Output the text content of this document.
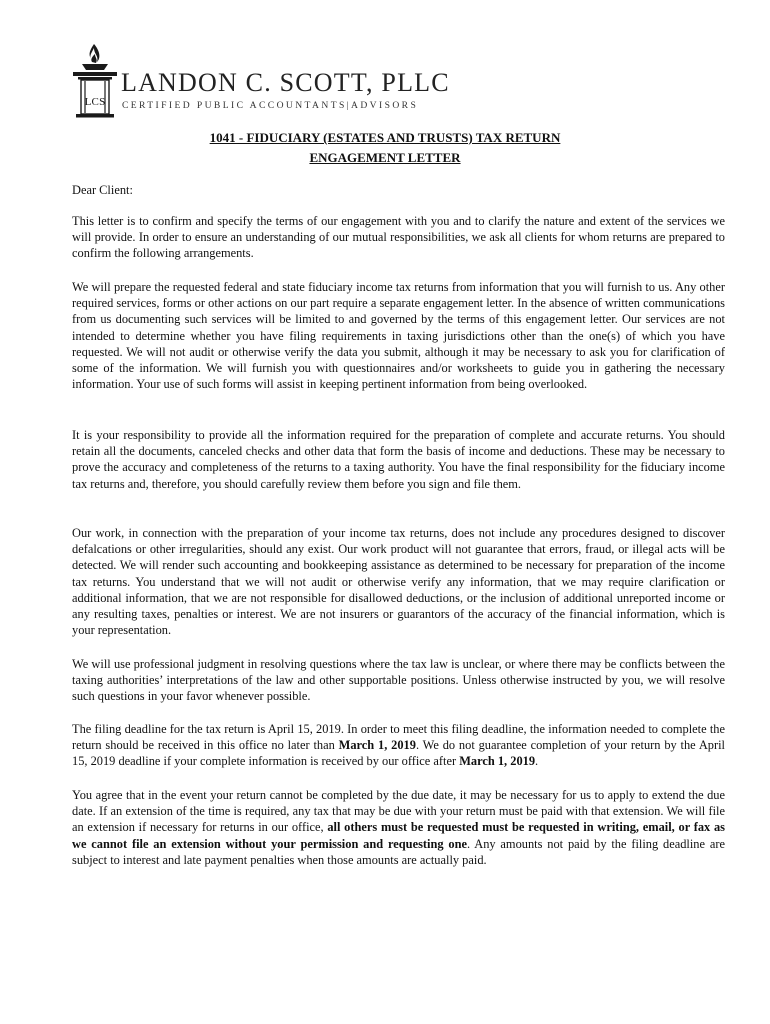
LCS
LANDON C. SCOTT, PLLC
CERTIFIED PUBLIC ACCOUNTANTS|ADVISORS
1041 - FIDUCIARY (ESTATES AND TRUSTS) TAX RETURN
ENGAGEMENT LETTER
Dear Client:
This letter is to confirm and specify the terms of our engagement with you and to clarify the nature and extent of the services we will provide. In order to ensure an understanding of our mutual responsibilities, we ask all clients for whom returns are prepared to confirm the following arrangements.
We will prepare the requested federal and state fiduciary income tax returns from information that you will furnish to us. Any other required services, forms or other actions on our part require a separate engagement letter. In the absence of written communications from us documenting such services will be limited to and governed by the terms of this engagement letter. Our services are not intended to determine whether you have filing requirements in taxing jurisdictions other than the one(s) of which you have requested. We will not audit or otherwise verify the data you submit, although it may be necessary to ask you for clarification of some of the information. We will furnish you with questionnaires and/or worksheets to guide you in gathering the necessary information. Your use of such forms will assist in keeping pertinent information from being overlooked.
It is your responsibility to provide all the information required for the preparation of complete and accurate returns. You should retain all the documents, canceled checks and other data that form the basis of income and deductions. These may be necessary to prove the accuracy and completeness of the returns to a taxing authority. You have the final responsibility for the fiduciary income tax returns and, therefore, you should carefully review them before you sign and file them.
Our work, in connection with the preparation of your income tax returns, does not include any procedures designed to discover defalcations or other irregularities, should any exist. Our work product will not guarantee that errors, fraud, or illegal acts will be detected. We will render such accounting and bookkeeping assistance as determined to be necessary for preparation of the income tax returns. You understand that we will not audit or otherwise verify any information, that we may require clarification or additional information, that we are not responsible for disallowed deductions, or the inclusion of additional unreported income or any resulting taxes, penalties or interest. We are not insurers or guarantors of the accuracy of the financial information, which is your representation.
We will use professional judgment in resolving questions where the tax law is unclear, or where there may be conflicts between the taxing authorities’ interpretations of the law and other supportable positions. Unless otherwise instructed by you, we will resolve such questions in your favor whenever possible.
The filing deadline for the tax return is April 15, 2019. In order to meet this filing deadline, the information needed to complete the return should be received in this office no later than March 1, 2019. We do not guarantee completion of your return by the April 15, 2019 deadline if your complete information is received by our office after March 1, 2019.
You agree that in the event your return cannot be completed by the due date, it may be necessary for us to apply to extend the due date. If an extension of the time is required, any tax that may be due with your return must be paid with that extension. We will file an extension if necessary for returns in our office, all others must be requested must be requested in writing, email, or fax as we cannot file an extension without your permission and requesting one. Any amounts not paid by the filing deadline are subject to interest and late payment penalties when those amounts are actually paid.
